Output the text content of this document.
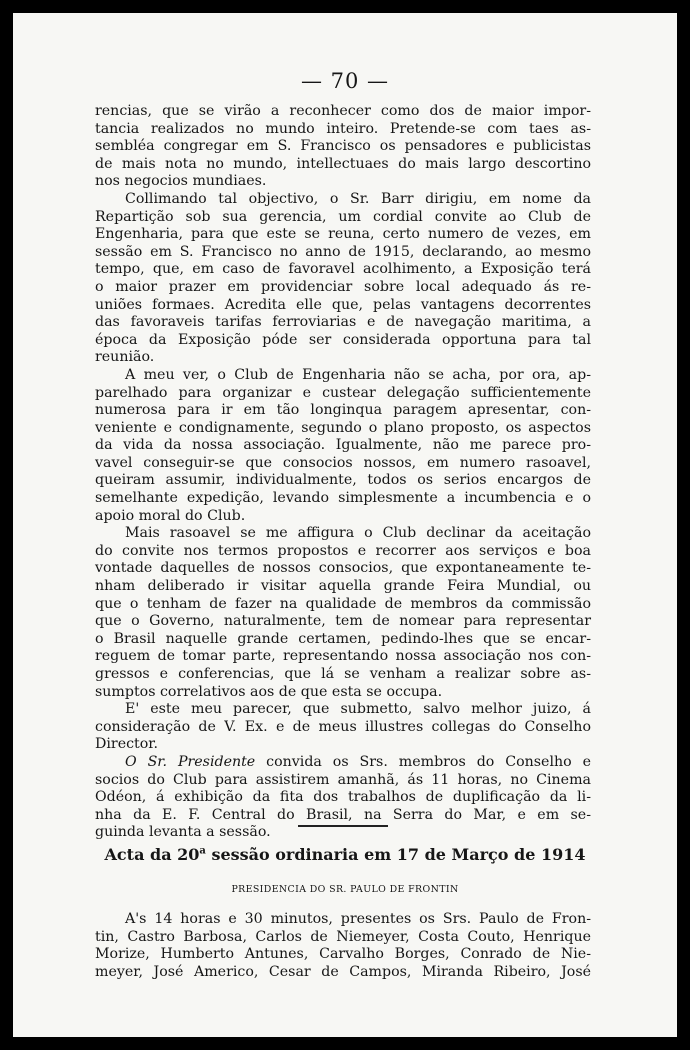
— 70 —
rencias, que se virão a reconhecer como dos de maior impor-
tancia realizados no mundo inteiro. Pretende-se com taes as-
sembléa congregar em S. Francisco os pensadores e publicistas
de mais nota no mundo, intellectuaes do mais largo descortino
nos negocios mundiaes.
Collimando tal objectivo, o Sr. Barr dirigiu, em nome da
Repartição sob sua gerencia, um cordial convite ao Club de
Engenharia, para que este se reuna, certo numero de vezes, em
sessão em S. Francisco no anno de 1915, declarando, ao mesmo
tempo, que, em caso de favoravel acolhimento, a Exposição terá
o maior prazer em providenciar sobre local adequado ás re-
uniões formaes. Acredita elle que, pelas vantagens decorrentes
das favoraveis tarifas ferroviarias e de navegação maritima, a
época da Exposição póde ser considerada opportuna para tal
reunião.
A meu ver, o Club de Engenharia não se acha, por ora, ap-
parelhado para organizar e custear delegação sufficientemente
numerosa para ir em tão longinqua paragem apresentar, con-
veniente e condignamente, segundo o plano proposto, os aspectos
da vida da nossa associação. Igualmente, não me parece pro-
vavel conseguir-se que consocios nossos, em numero rasoavel,
queiram assumir, individualmente, todos os serios encargos de
semelhante expedição, levando simplesmente a incumbencia e o
apoio moral do Club.
Mais rasoavel se me affigura o Club declinar da aceitação
do convite nos termos propostos e recorrer aos serviços e boa
vontade daquelles de nossos consocios, que expontaneamente te-
nham deliberado ir visitar aquella grande Feira Mundial, ou
que o tenham de fazer na qualidade de membros da commissão
que o Governo, naturalmente, tem de nomear para representar
o Brasil naquelle grande certamen, pedindo-lhes que se encar-
reguem de tomar parte, representando nossa associação nos con-
gressos e conferencias, que lá se venham a realizar sobre as-
sumptos correlativos aos de que esta se occupa.
E' este meu parecer, que submetto, salvo melhor juizo, á
consideração de V. Ex. e de meus illustres collegas do Conselho
Director.
O Sr. Presidente convida os Srs. membros do Conselho e
socios do Club para assistirem amanhã, ás 11 horas, no Cinema
Odéon, á exhibição da fita dos trabalhos de duplificação da li-
nha da E. F. Central do Brasil, na Serra do Mar, e em se-
guinda levanta a sessão.
Acta da 20$^a$ sessão ordinaria em 17 de Março de 1914
PRESIDENCIA DO SR. PAULO DE FRONTIN
A's 14 horas e 30 minutos, presentes os Srs. Paulo de Fron-
tin, Castro Barbosa, Carlos de Niemeyer, Costa Couto, Henrique
Morize, Humberto Antunes, Carvalho Borges, Conrado de Nie-
meyer, José Americo, Cesar de Campos, Miranda Ribeiro, José
